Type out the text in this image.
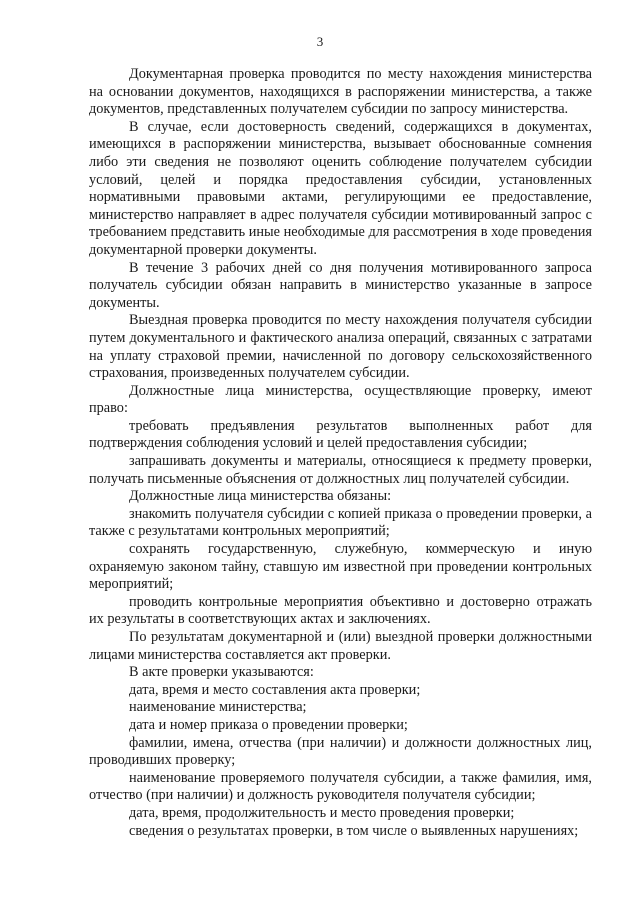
3

Документарная проверка проводится по месту нахождения министерства на основании документов, находящихся в распоряжении министерства, а также документов, представленных получателем субсидии по запросу министерства.

В случае, если достоверность сведений, содержащихся в документах, имеющихся в распоряжении министерства, вызывает обоснованные сомнения либо эти сведения не позволяют оценить соблюдение получателем субсидии условий, целей и порядка предоставления субсидии, установленных нормативными правовыми актами, регулирующими ее предоставление, министерство направляет в адрес получателя субсидии мотивированный запрос с требованием представить иные необходимые для рассмотрения в ходе проведения документарной проверки документы.

В течение 3 рабочих дней со дня получения мотивированного запроса получатель субсидии обязан направить в министерство указанные в запросе документы.

Выездная проверка проводится по месту нахождения получателя субсидии путем документального и фактического анализа операций, связанных с затратами на уплату страховой премии, начисленной по договору сельскохозяйственного страхования, произведенных получателем субсидии.

Должностные лица министерства, осуществляющие проверку, имеют право:

требовать предъявления результатов выполненных работ для подтверждения соблюдения условий и целей предоставления субсидии;

запрашивать документы и материалы, относящиеся к предмету проверки, получать письменные объяснения от должностных лиц получателей субсидии.

Должностные лица министерства обязаны:

знакомить получателя субсидии с копией приказа о проведении проверки, а также с результатами контрольных мероприятий;

сохранять государственную, служебную, коммерческую и иную охраняемую законом тайну, ставшую им известной при проведении контрольных мероприятий;

проводить контрольные мероприятия объективно и достоверно отражать их результаты в соответствующих актах и заключениях.

По результатам документарной и (или) выездной проверки должностными лицами министерства составляется акт проверки.

В акте проверки указываются:

дата, время и место составления акта проверки;

наименование министерства;

дата и номер приказа о проведении проверки;

фамилии, имена, отчества (при наличии) и должности должностных лиц, проводивших проверку;

наименование проверяемого получателя субсидии, а также фамилия, имя, отчество (при наличии) и должность руководителя получателя субсидии;

дата, время, продолжительность и место проведения проверки;

сведения о результатах проверки, в том числе о выявленных нарушениях;
